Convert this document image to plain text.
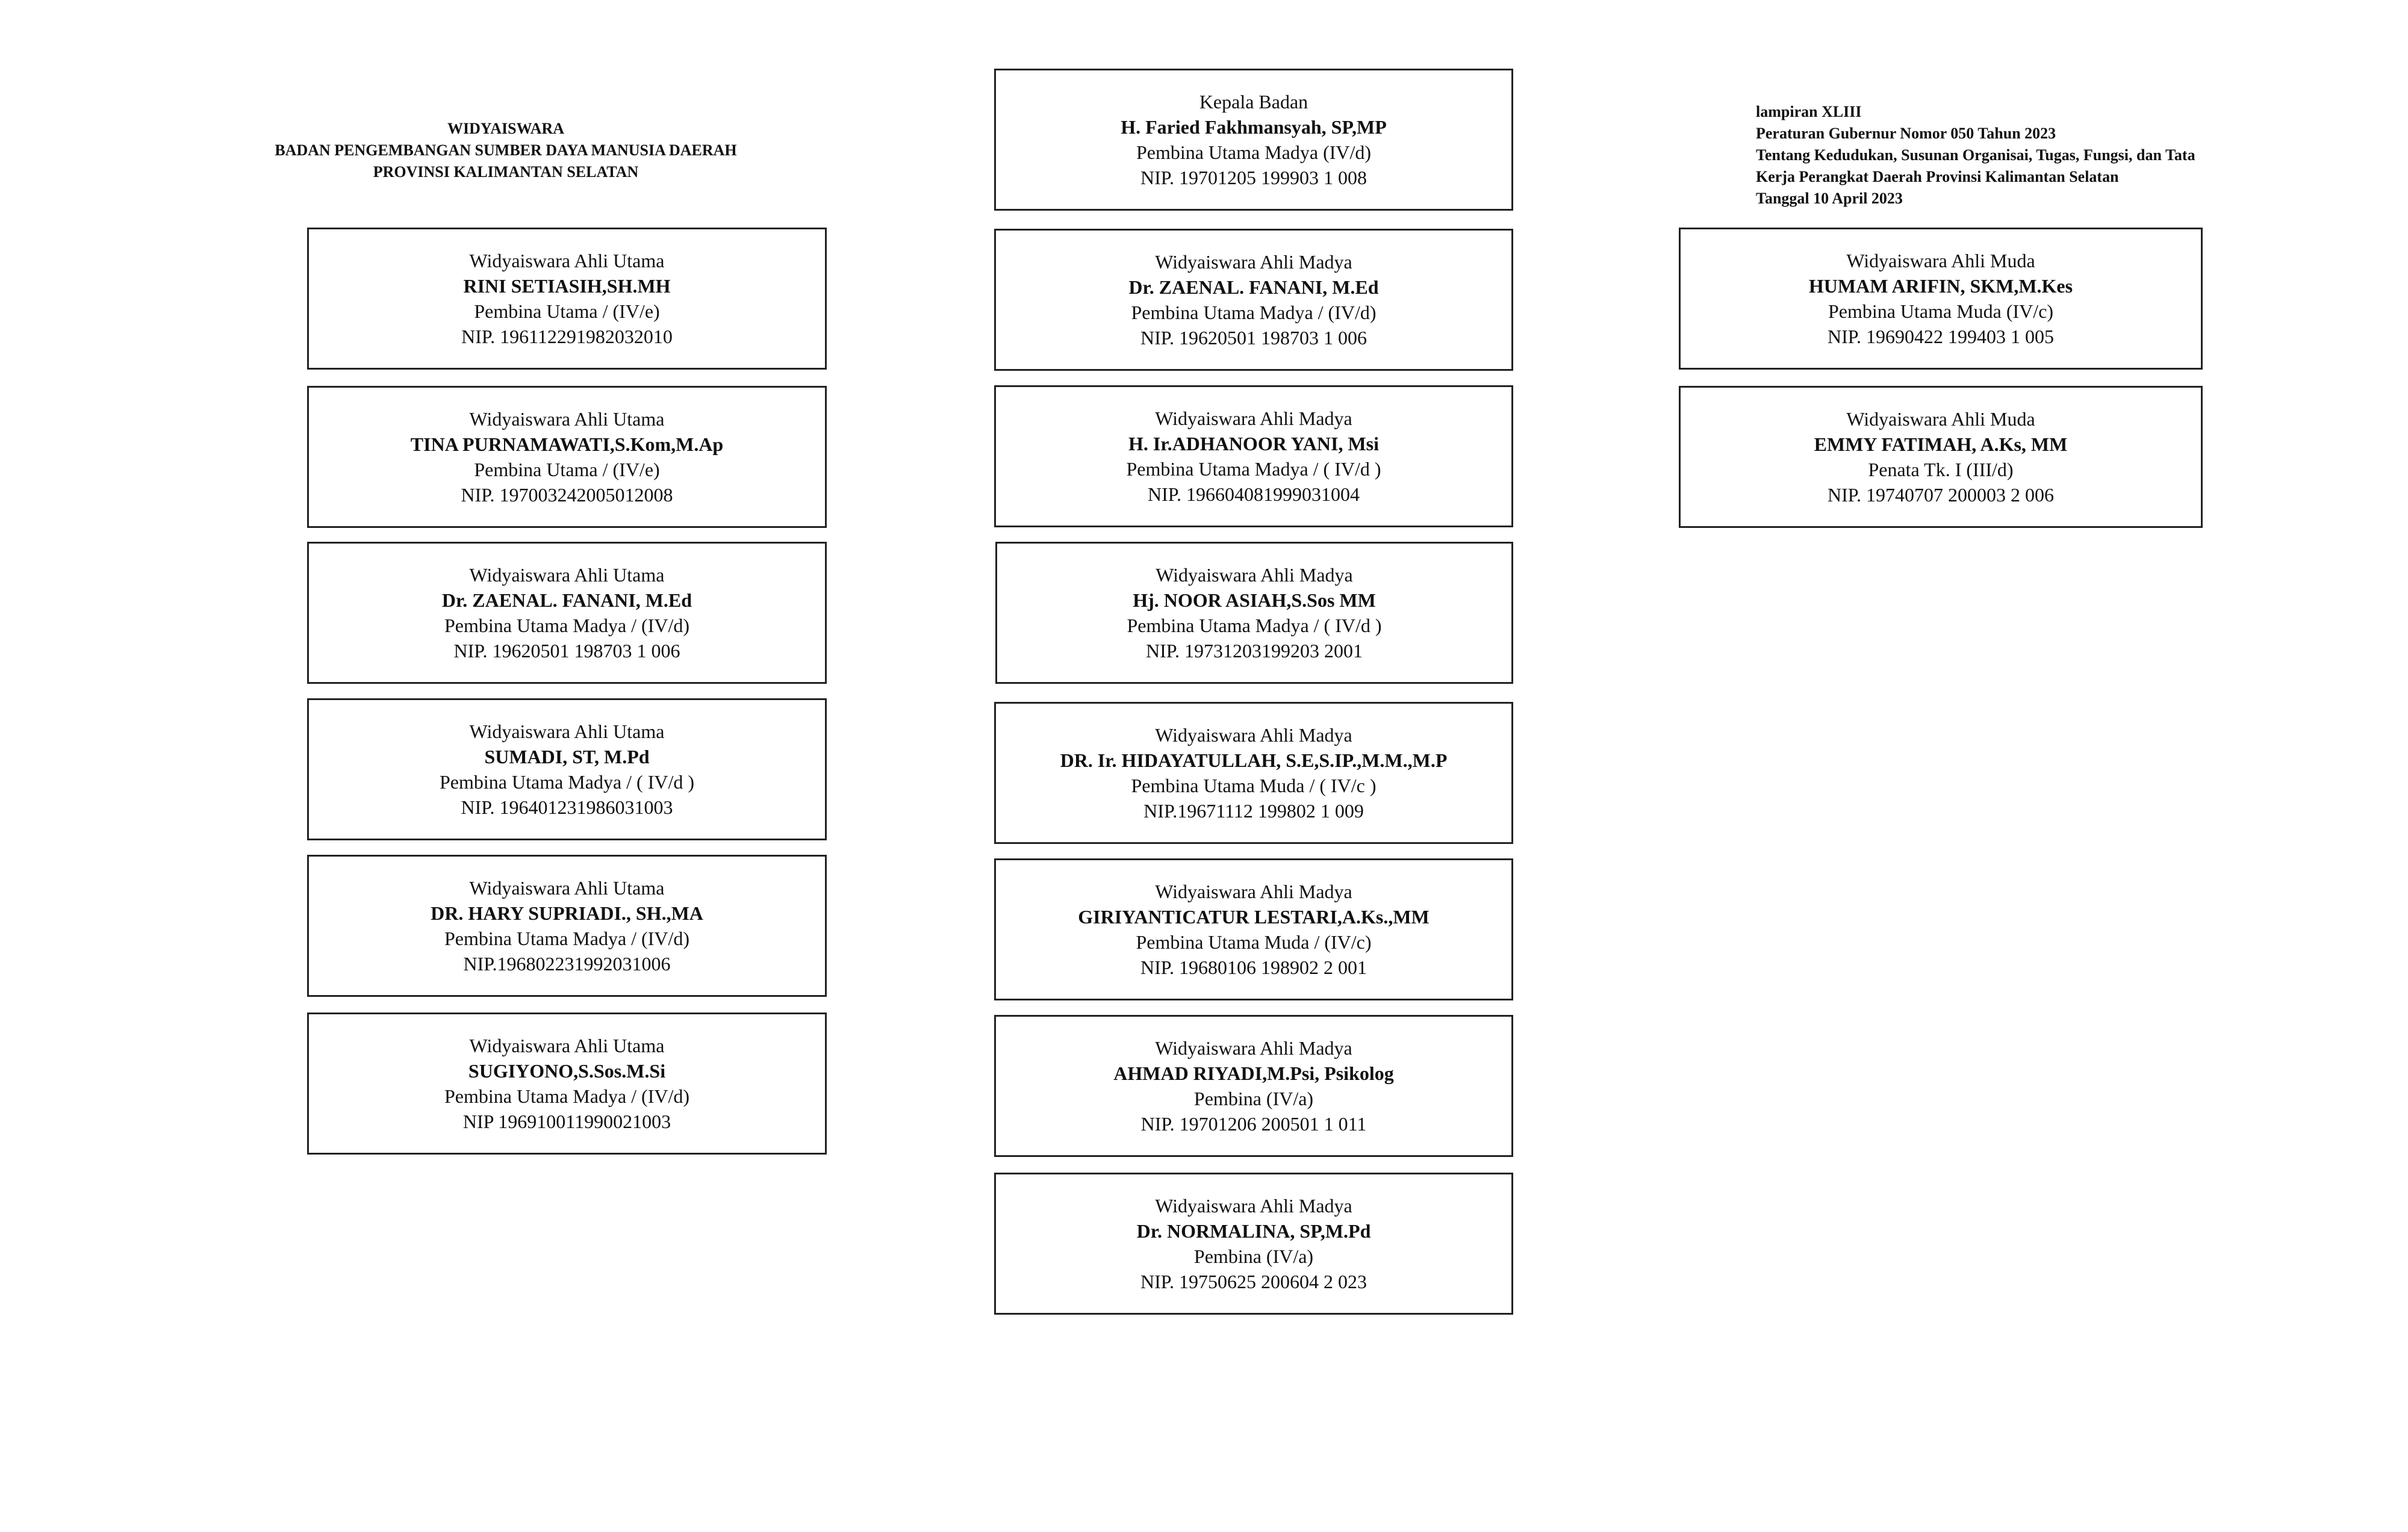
WIDYAISWARA
BADAN PENGEMBANGAN SUMBER DAYA MANUSIA DAERAH
PROVINSI KALIMANTAN SELATAN
lampiran XLIII
Peraturan Gubernur Nomor 050 Tahun 2023
Tentang Kedudukan, Susunan Organisai, Tugas, Fungsi, dan Tata
Kerja Perangkat Daerah Provinsi Kalimantan Selatan
Tanggal 10 April 2023
Kepala Badan
H. Faried Fakhmansyah, SP,MP
Pembina Utama Madya (IV/d)
NIP. 19701205 199903 1 008
Widyaiswara Ahli Utama
RINI SETIASIH,SH.MH
Pembina Utama / (IV/e)
NIP. 196112291982032010
Widyaiswara Ahli Utama
TINA PURNAMAWATI,S.Kom,M.Ap
Pembina Utama / (IV/e)
NIP. 197003242005012008
Widyaiswara Ahli Utama
Dr. ZAENAL. FANANI, M.Ed
Pembina Utama Madya / (IV/d)
NIP. 19620501 198703 1 006
Widyaiswara Ahli Utama
SUMADI, ST, M.Pd
Pembina Utama Madya / ( IV/d )
NIP. 196401231986031003
Widyaiswara Ahli Utama
DR. HARY SUPRIADI., SH.,MA
Pembina Utama Madya / (IV/d)
NIP.196802231992031006
Widyaiswara Ahli Utama
SUGIYONO,S.Sos.M.Si
Pembina Utama Madya / (IV/d)
NIP 196910011990021003
Widyaiswara Ahli Madya
Dr. ZAENAL. FANANI, M.Ed
Pembina Utama Madya / (IV/d)
NIP. 19620501 198703 1 006
Widyaiswara Ahli Madya
H. Ir.ADHANOOR YANI, Msi
Pembina Utama Madya / ( IV/d )
NIP. 196604081999031004
Widyaiswara Ahli Madya
Hj. NOOR ASIAH,S.Sos MM
Pembina Utama Madya / ( IV/d )
NIP. 19731203199203 2001
Widyaiswara Ahli Madya
DR. Ir. HIDAYATULLAH, S.E,S.IP.,M.M.,M.P
Pembina Utama Muda / ( IV/c )
NIP.19671112 199802 1 009
Widyaiswara Ahli Madya
GIRIYANTICATUR LESTARI,A.Ks.,MM
Pembina Utama Muda / (IV/c)
NIP. 19680106 198902 2 001
Widyaiswara Ahli Madya
AHMAD RIYADI,M.Psi, Psikolog
Pembina (IV/a)
NIP. 19701206 200501 1 011
Widyaiswara Ahli Madya
Dr. NORMALINA, SP,M.Pd
Pembina (IV/a)
NIP. 19750625 200604 2 023
Widyaiswara Ahli Muda
HUMAM ARIFIN, SKM,M.Kes
Pembina Utama Muda (IV/c)
NIP. 19690422 199403 1 005
Widyaiswara Ahli Muda
EMMY FATIMAH, A.Ks, MM
Penata Tk. I (III/d)
NIP. 19740707 200003 2 006
